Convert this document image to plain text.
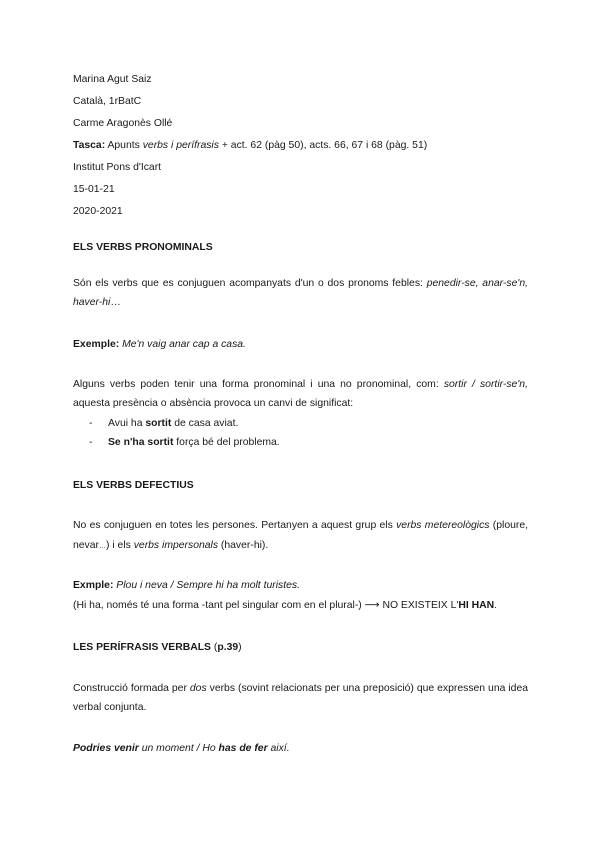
Marina Agut Saiz
Català, 1rBatC
Carme Aragonès Ollé
Tasca: Apunts verbs i perífrasis + act. 62 (pàg 50), acts. 66, 67 i 68 (pàg. 51)
Institut Pons d'Icart
15-01-21
2020-2021
ELS VERBS PRONOMINALS
Són els verbs que es conjuguen acompanyats d'un o dos pronoms febles: penedir-se, anar-se'n,
haver-hi…
Exemple: Me'n vaig anar cap a casa.
Alguns verbs poden tenir una forma pronominal i una no pronominal, com: sortir / sortir-se'n,
aquesta presència o absència provoca un canvi de significat:
- Avui ha sortit de casa aviat.
- Se n'ha sortit força bé del problema.
ELS VERBS DEFECTIUS
No es conjuguen en totes les persones. Pertanyen a aquest grup els verbs metereològics (ploure,
nevar…) i els verbs impersonals (haver-hi).
Exmple: Plou i neva / Sempre hi ha molt turistes.
(Hi ha, només té una forma -tant pel singular com en el plural-) ⟶ NO EXISTEIX L'HI HAN.
LES PERÍFRASIS VERBALS (p.39)
Construcció formada per dos verbs (sovint relacionats per una preposició) que expressen una idea
verbal conjunta.
Podries venir un moment / Ho has de fer així.
